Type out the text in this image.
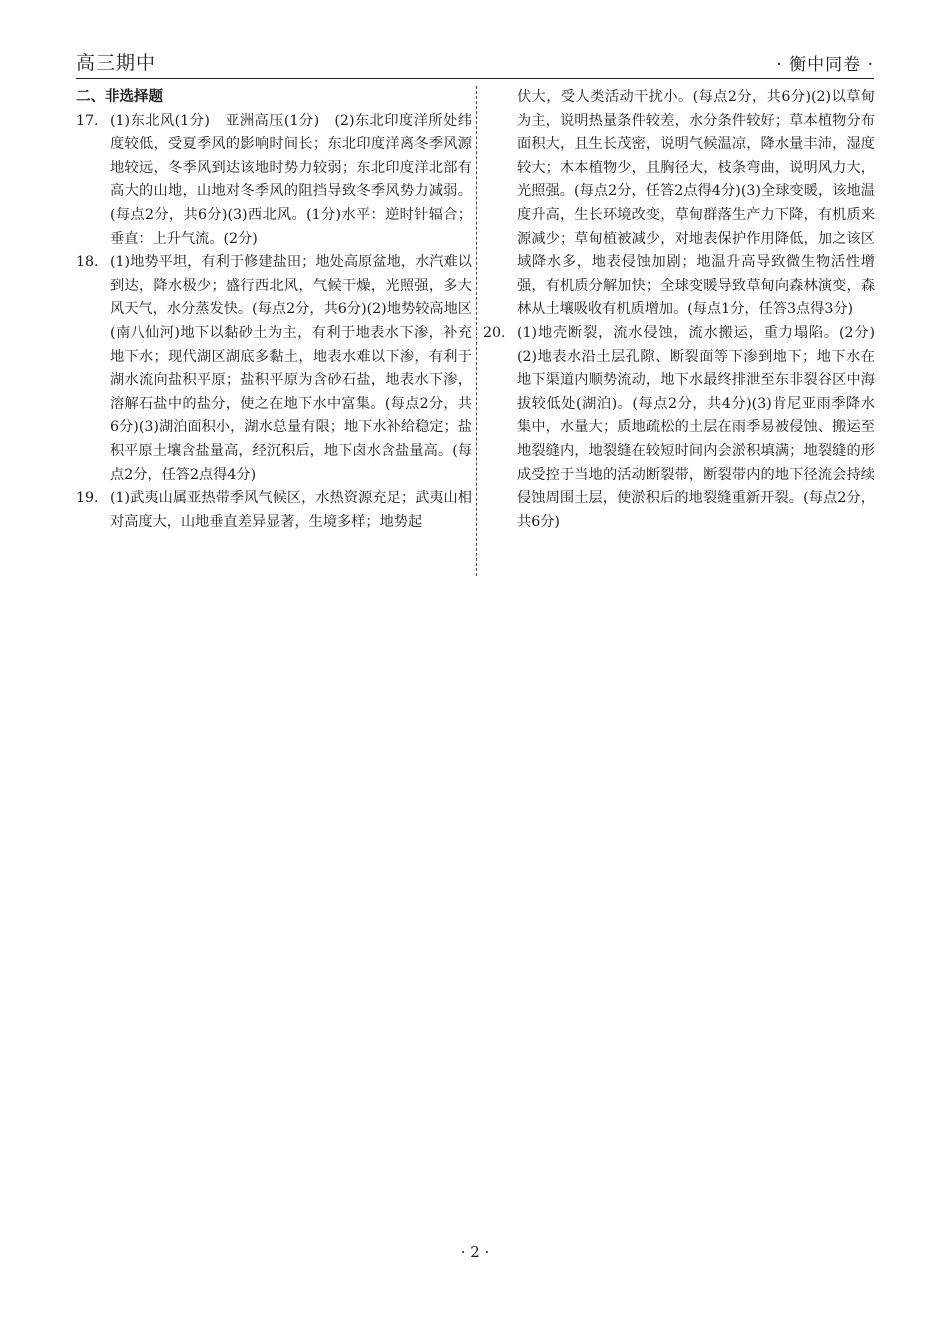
高三期中	· 衡中同卷 ·
二、非选择题
17. (1)东北风(1分)　亚洲高压(1分)　(2)东北印度洋所处纬度较低，受夏季风的影响时间长；东北印度洋离冬季风源地较远，冬季风到达该地时势力较弱；东北印度洋北部有高大的山地，山地对冬季风的阻挡导致冬季风势力减弱。(每点2分，共6分)(3)西北风。(1分)水平：逆时针辐合；垂直：上升气流。(2分)
18. (1)地势平坦，有利于修建盐田；地处高原盆地，水汽难以到达，降水极少；盛行西北风，气候干燥，光照强，多大风天气，水分蒸发快。(每点2分，共6分)(2)地势较高地区(南八仙河)地下以黏砂土为主，有利于地表水下渗，补充地下水；现代湖区湖底多黏土，地表水难以下渗，有利于湖水流向盐积平原；盐积平原为含砂石盐，地表水下渗，溶解石盐中的盐分，使之在地下水中富集。(每点2分，共6分)(3)湖泊面积小，湖水总量有限；地下水补给稳定；盐积平原土壤含盐量高，经沉积后，地下卤水含盐量高。(每点2分，任答2点得4分)
19. (1)武夷山属亚热带季风气候区，水热资源充足；武夷山相对高度大，山地垂直差异显著，生境多样；地势起
伏大，受人类活动干扰小。(每点2分，共6分)(2)以草甸为主，说明热量条件较差，水分条件较好；草本植物分布面积大，且生长茂密，说明气候温凉，降水量丰沛，湿度较大；木本植物少，且胸径大，枝条弯曲，说明风力大，光照强。(每点2分，任答2点得4分)(3)全球变暖，该地温度升高，生长环境改变，草甸群落生产力下降，有机质来源减少；草甸植被减少，对地表保护作用降低，加之该区域降水多，地表侵蚀加剧；地温升高导致微生物活性增强，有机质分解加快；全球变暖导致草甸向森林演变，森林从土壤吸收有机质增加。(每点1分，任答3点得3分)
20. (1)地壳断裂，流水侵蚀，流水搬运，重力塌陷。(2分)(2)地表水沿土层孔隙、断裂面等下渗到地下；地下水在地下渠道内顺势流动，地下水最终排泄至东非裂谷区中海拔较低处(湖泊)。(每点2分，共4分)(3)肯尼亚雨季降水集中，水量大；质地疏松的土层在雨季易被侵蚀、搬运至地裂缝内，地裂缝在较短时间内会淤积填满；地裂缝的形成受控于当地的活动断裂带，断裂带内的地下径流会持续侵蚀周围土层，使淤积后的地裂缝重新开裂。(每点2分，共6分)
· 2 ·
